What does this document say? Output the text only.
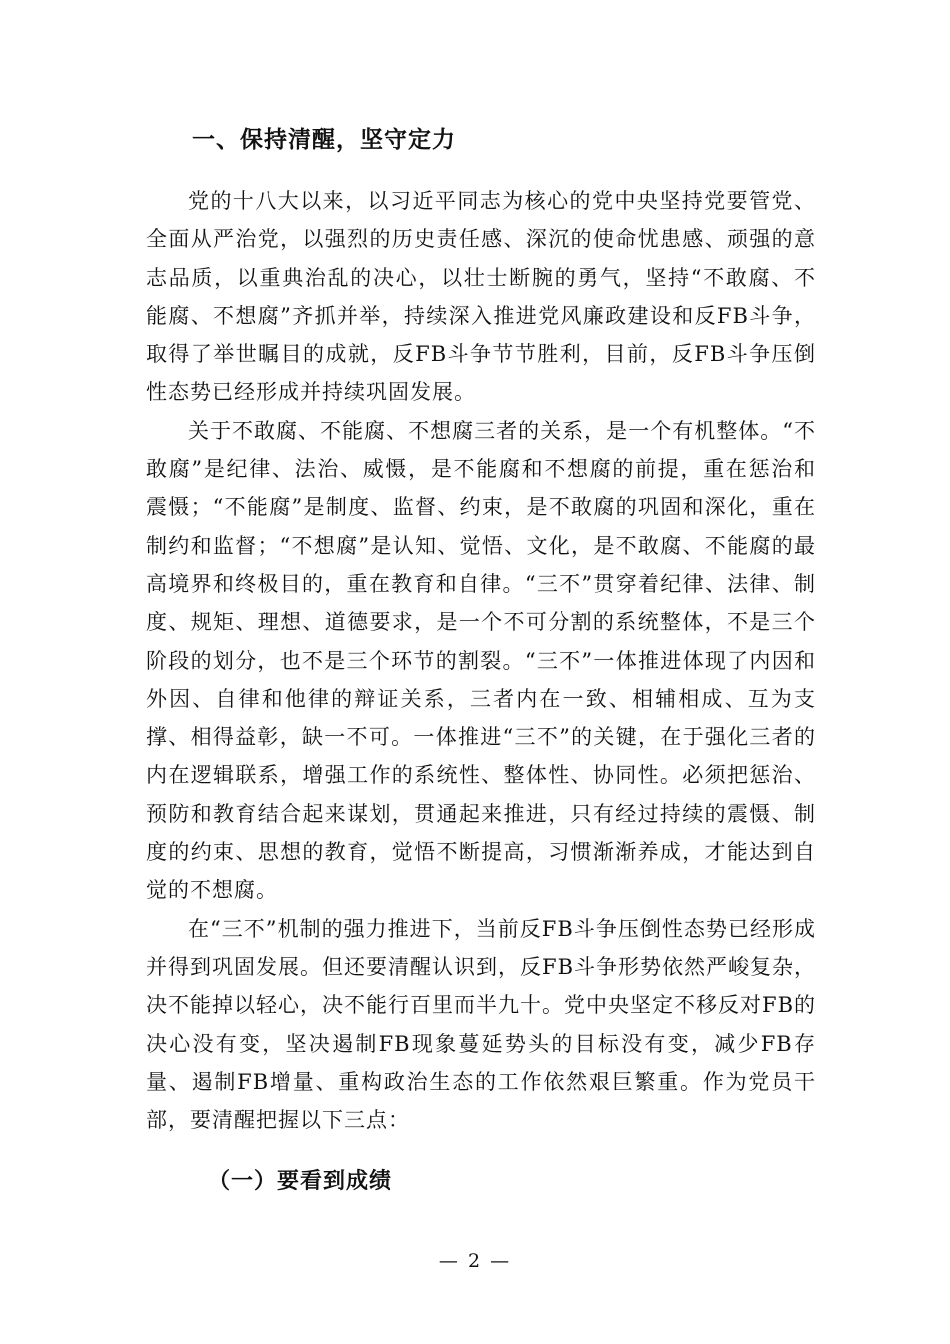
一、保持清醒，坚守定力

党的十八大以来，以习近平同志为核心的党中央坚持党要管党、全面从严治党，以强烈的历史责任感、深沉的使命忧患感、顽强的意志品质，以重典治乱的决心，以壮士断腕的勇气，坚持“不敢腐、不能腐、不想腐”齐抓并举，持续深入推进党风廉政建设和反FB斗争，取得了举世瞩目的成就，反FB斗争节节胜利，目前，反FB斗争压倒性态势已经形成并持续巩固发展。

关于不敢腐、不能腐、不想腐三者的关系，是一个有机整体。“不敢腐”是纪律、法治、威慑，是不能腐和不想腐的前提，重在惩治和震慑；“不能腐”是制度、监督、约束，是不敢腐的巩固和深化，重在制约和监督；“不想腐”是认知、觉悟、文化，是不敢腐、不能腐的最高境界和终极目的，重在教育和自律。“三不”贯穿着纪律、法律、制度、规矩、理想、道德要求，是一个不可分割的系统整体，不是三个阶段的划分，也不是三个环节的割裂。“三不”一体推进体现了内因和外因、自律和他律的辩证关系，三者内在一致、相辅相成、互为支撑、相得益彰，缺一不可。一体推进“三不”的关键，在于强化三者的内在逻辑联系，增强工作的系统性、整体性、协同性。必须把惩治、预防和教育结合起来谋划，贯通起来推进，只有经过持续的震慑、制度的约束、思想的教育，觉悟不断提高，习惯渐渐养成，才能达到自觉的不想腐。

在“三不”机制的强力推进下，当前反FB斗争压倒性态势已经形成并得到巩固发展。但还要清醒认识到，反FB斗争形势依然严峻复杂，决不能掉以轻心，决不能行百里而半九十。党中央坚定不移反对FB的决心没有变，坚决遏制FB现象蔓延势头的目标没有变，减少FB存量、遏制FB增量、重构政治生态的工作依然艰巨繁重。作为党员干部，要清醒把握以下三点：

（一）要看到成绩
— 2 —
